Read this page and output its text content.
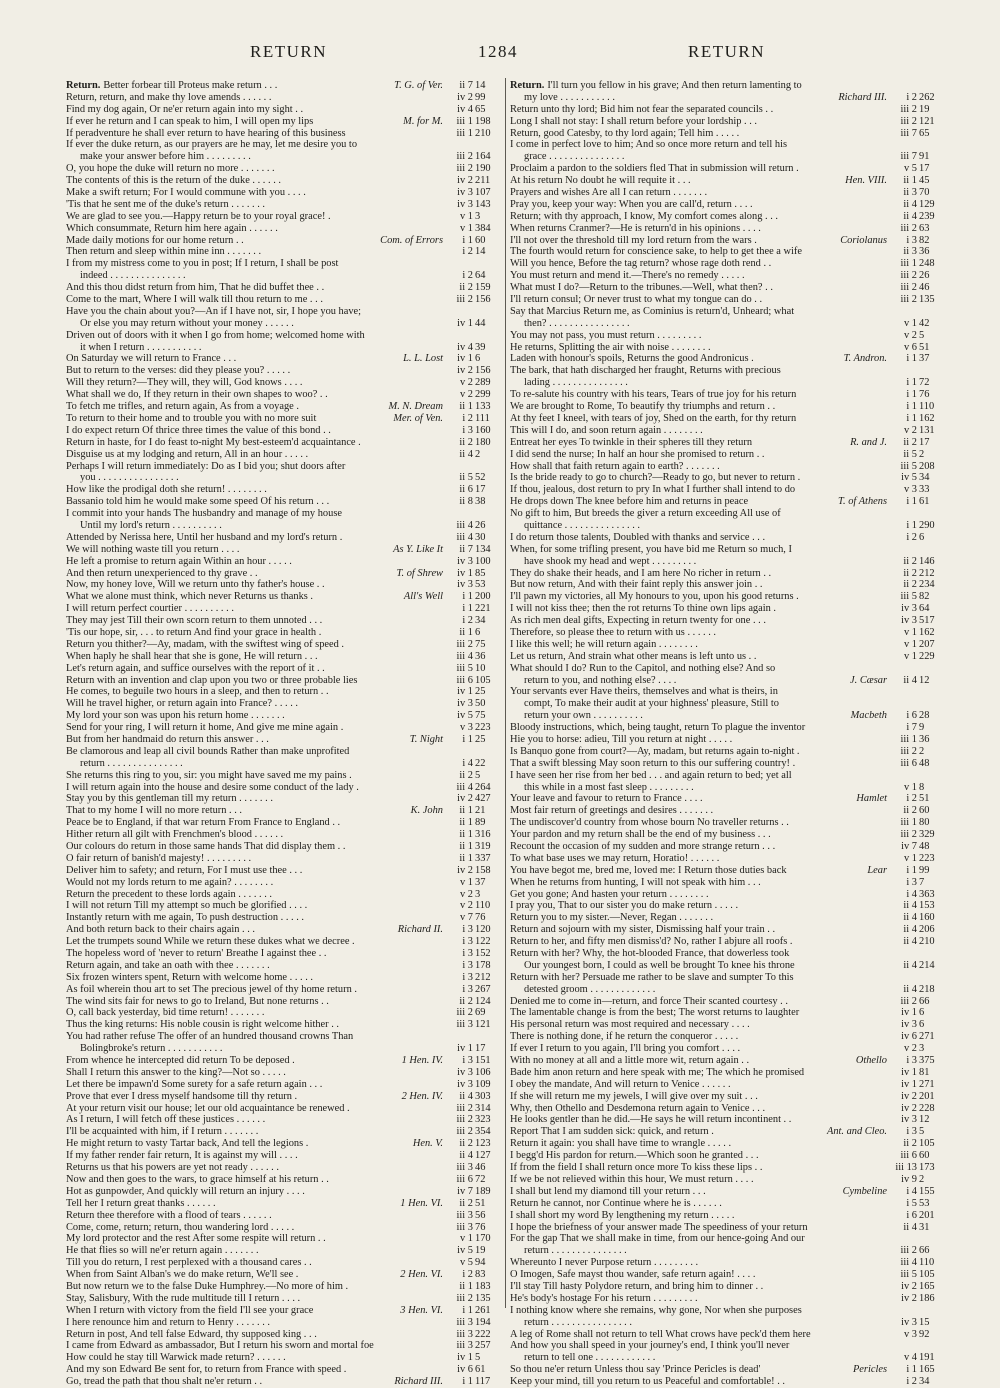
RETURN	1284	RETURN
Return. Better forbear till Proteus make return . . .	T. G. of Ver.	ii 7 14
Return, return, and make thy love amends . . . . . .	iv 2 99
Find my dog again, Or ne'er return again into my sight . .	iv 4 65
If ever he return and I can speak to him, I will open my lips	M. for M.	iii 1 198
If peradventure he shall ever return to have hearing of this business	iii 1 210
If ever the duke return, as our prayers are he may, let me desire you to
make your answer before him . . . . . . . . .	iii 2 164
O, you hope the duke will return no more . . . . . . .	iii 2 190
The contents of this is the return of the duke . . . . . .	iv 2 211
Make a swift return; For I would commune with you . . . .	iv 3 107
'Tis that he sent me of the duke's return . . . . . . .	iv 3 143
We are glad to see you.—Happy return be to your royal grace! .	v 1 3
Which consummate, Return him here again . . . . . .	v 1 384
Made daily motions for our home return . .	Com. of Errors	i 1 60
Then return and sleep within mine inn . . . . . . .	i 2 14
I from my mistress come to you in post; If I return, I shall be post
indeed . . . . . . . . . . . . . . .	i 2 64
And this thou didst return from him, That he did buffet thee . .	ii 2 159
Come to the mart, Where I will walk till thou return to me . . .	iii 2 156
Have you the chain about you?—An if I have not, sir, I hope you have;
Or else you may return without your money . . . . . .	iv 1 44
Driven out of doors with it when I go from home; welcomed home with
it when I return . . . . . . . . . . .	iv 4 39
On Saturday we will return to France . . .	L. L. Lost	iv 1 6
But to return to the verses: did they please you? . . . . .	iv 2 156
Will they return?—They will, they will, God knows . . . .	v 2 289
What shall we do, If they return in their own shapes to woo? . .	v 2 299
To fetch me trifles, and return again, As from a voyage .	M. N. Dream	ii 1 133
To return to their home and to trouble you with no more suit	Mer. of Ven.	i 2 111
I do expect return Of thrice three times the value of this bond . .	i 3 160
Return in haste, for I do feast to-night My best-esteem'd acquaintance .	ii 2 180
Disguise us at my lodging and return, All in an hour . . . . .	ii 4 2
Perhaps I will return immediately: Do as I bid you; shut doors after
you . . . . . . . . . . . . . . . .	ii 5 52
How like the prodigal doth she return! . . . . . . . .	ii 6 17
Bassanio told him he would make some speed Of his return . . .	ii 8 38
I commit into your hands The husbandry and manage of my house
Until my lord's return . . . . . . . . . .	iii 4 26
Attended by Nerissa here, Until her husband and my lord's return .	iii 4 30
We will nothing waste till you return . . . .	As Y. Like It	ii 7 134
He left a promise to return again Within an hour . . . . .	iv 3 100
And then return unexperienced to thy grave . .	T. of Shrew	iv 1 85
Now, my honey love, Will we return unto thy father's house . .	iv 3 53
What we alone must think, which never Returns us thanks .	All's Well	i 1 200
I will return perfect courtier . . . . . . . . . .	i 1 221
They may jest Till their own scorn return to them unnoted . . .	i 2 34
'Tis our hope, sir, . . . to return And find your grace in health .	ii 1 6
Return you thither?—Ay, madam, with the swiftest wing of speed .	iii 2 75
When haply he shall hear that she is gone, He will return . . .	iii 4 36
Let's return again, and suffice ourselves with the report of it . .	iii 5 10
Return with an invention and clap upon you two or three probable lies	iii 6 105
He comes, to beguile two hours in a sleep, and then to return . .	iv 1 25
Will he travel higher, or return again into France? . . . . .	iv 3 50
My lord your son was upon his return home . . . . . . .	iv 5 75
Send for your ring, I will return it home, And give me mine again .	v 3 223
But from her handmaid do return this answer . . .	T. Night	i 1 25
Be clamorous and leap all civil bounds Rather than make unprofited
return . . . . . . . . . . . . . . .	i 4 22
She returns this ring to you, sir: you might have saved me my pains .	ii 2 5
I will return again into the house and desire some conduct of the lady .	iii 4 264
Stay you by this gentleman till my return . . . . . . .	iv 2 427
That to my home I will no more return . . .	K. John	ii 1 21
Peace be to England, if that war return From France to England . .	ii 1 89
Hither return all gilt with Frenchmen's blood . . . . . .	ii 1 316
Our colours do return in those same hands That did display them . .	ii 1 319
O fair return of banish'd majesty! . . . . . . . . .	ii 1 337
Deliver him to safety; and return, For I must use thee . . .	iv 2 158
Would not my lords return to me again? . . . . . . . .	v 1 37
Return the precedent to these lords again . . . . . . .	v 2 3
I will not return Till my attempt so much be glorified . . . .	v 2 110
Instantly return with me again, To push destruction . . . . .	v 7 76
And both return back to their chairs again . . .	Richard II.	i 3 120
Let the trumpets sound While we return these dukes what we decree .	i 3 122
The hopeless word of 'never to return' Breathe I against thee . .	i 3 152
Return again, and take an oath with thee . . . . . . .	i 3 178
Six frozen winters spent, Return with welcome home . . . . .	i 3 212
As foil wherein thou art to set The precious jewel of thy home return .	i 3 267
The wind sits fair for news to go to Ireland, But none returns . .	ii 2 124
O, call back yesterday, bid time return! . . . . . . .	iii 2 69
Thus the king returns: His noble cousin is right welcome hither . .	iii 3 121
You had rather refuse The offer of an hundred thousand crowns Than
Bolingbroke's return . . . . . . . . . . .	iv 1 17
From whence he intercepted did return To be deposed .	1 Hen. IV.	i 3 151
Shall I return this answer to the king?—Not so . . . . .	iv 3 106
Let there be impawn'd Some surety for a safe return again . . .	iv 3 109
Prove that ever I dress myself handsome till thy return .	2 Hen. IV.	ii 4 303
At your return visit our house; let our old acquaintance be renewed .	iii 2 314
As I return, I will fetch off these justices . . . . . .	iii 2 323
I'll be acquainted with him, if I return . . . . . . .	iii 2 354
He might return to vasty Tartar back, And tell the legions .	Hen. V.	ii 2 123
If my father render fair return, It is against my will . . . .	ii 4 127
Returns us that his powers are yet not ready . . . . . .	iii 3 46
Now and then goes to the wars, to grace himself at his return . .	iii 6 72
Hot as gunpowder, And quickly will return an injury . . . .	iv 7 189
Tell her I return great thanks . . . . . .	1 Hen. VI.	ii 2 51
Return thee therefore with a flood of tears . . . . . .	iii 3 56
Come, come, return; return, thou wandering lord . . . . .	iii 3 76
My lord protector and the rest After some respite will return . .	v 1 170
He that flies so will ne'er return again . . . . . . .	iv 5 19
Till you do return, I rest perplexed with a thousand cares . .	v 5 94
When from Saint Alban's we do make return, We'll see .	2 Hen. VI.	i 2 83
But now return we to the false Duke Humphrey.—No more of him .	ii 1 183
Stay, Salisbury, With the rude multitude till I return . . . .	iii 2 135
When I return with victory from the field I'll see your grace	3 Hen. VI.	i 1 261
I here renounce him and return to Henry . . . . . . .	iii 3 194
Return in post, And tell false Edward, thy supposed king . . .	iii 3 222
I came from Edward as ambassador, But I return his sworn and mortal foe	iii 3 257
How could he stay till Warwick made return? . . . . . .	iv 1 5
And my son Edward Be sent for, to return from France with speed .	iv 6 61
Go, tread the path that thou shalt ne'er return . .	Richard III.	i 1 117
Return. I'll turn you fellow in his grave; And then return lamenting to
my love . . . . . . . . . . .	Richard III.	i 2 262
Return unto thy lord; Bid him not fear the separated councils . .	iii 2 19
Long I shall not stay: I shall return before your lordship . . .	iii 2 121
Return, good Catesby, to thy lord again; Tell him . . . . .	iii 7 65
I come in perfect love to him; And so once more return and tell his
grace . . . . . . . . . . . . . . .	iii 7 91
Proclaim a pardon to the soldiers fled That in submission will return .	v 5 17
At his return No doubt he will requite it . . .	Hen. VIII.	ii 1 45
Prayers and wishes Are all I can return . . . . . . .	ii 3 70
Pray you, keep your way: When you are call'd, return . . . .	ii 4 129
Return; with thy approach, I know, My comfort comes along . . .	ii 4 239
When returns Cranmer?—He is return'd in his opinions . . . .	iii 2 63
I'll not over the threshold till my lord return from the wars .	Coriolanus	i 3 82
The fourth would return for conscience sake, to help to get thee a wife	ii 3 36
Will you hence, Before the tag return? whose rage doth rend . .	iii 1 248
You must return and mend it.—There's no remedy . . . . .	iii 2 26
What must I do?—Return to the tribunes.—Well, what then? . .	iii 2 46
I'll return consul; Or never trust to what my tongue can do . .	iii 2 135
Say that Marcius Return me, as Cominius is return'd, Unheard; what
then? . . . . . . . . . . . . . . . .	v 1 42
You may not pass, you must return . . . . . . . . .	v 2 5
He returns, Splitting the air with noise . . . . . . . .	v 6 51
Laden with honour's spoils, Returns the good Andronicus .	T. Andron.	i 1 37
The bark, that hath discharged her fraught, Returns with precious
lading . . . . . . . . . . . . . . .	i 1 72
To re-salute his country with his tears, Tears of true joy for his return	i 1 76
We are brought to Rome, To beautify thy triumphs and return . .	i 1 110
At thy feet I kneel, with tears of joy, Shed on the earth, for thy return	i 1 162
This will I do, and soon return again . . . . . . . .	v 2 131
Entreat her eyes To twinkle in their spheres till they return	R. and J.	ii 2 17
I did send the nurse; In half an hour she promised to return . .	ii 5 2
How shall that faith return again to earth? . . . . . . .	iii 5 208
Is the bride ready to go to church?—Ready to go, but never to return .	iv 5 34
If thou, jealous, dost return to pry In what I further shall intend to do	v 3 33
He drops down The knee before him and returns in peace	T. of Athens	i 1 61
No gift to him, But breeds the giver a return exceeding All use of
quittance . . . . . . . . . . . . . . .	i 1 290
I do return those talents, Doubled with thanks and service . . .	i 2 6
When, for some trifling present, you have bid me Return so much, I
have shook my head and wept . . . . . . . . .	ii 2 146
They do shake their heads, and I am here No richer in return . .	ii 2 212
But now return, And with their faint reply this answer join . .	ii 2 234
I'll pawn my victories, all My honours to you, upon his good returns .	iii 5 82
I will not kiss thee; then the rot returns To thine own lips again .	iv 3 64
As rich men deal gifts, Expecting in return twenty for one . . .	iv 3 517
Therefore, so please thee to return with us . . . . . .	v 1 162
I like this well; he will return again . . . . . . . .	v 1 207
Let us return, And strain what other means is left unto us . .	v 1 229
What should I do? Run to the Capitol, and nothing else? And so
return to you, and nothing else? . . . .	J. Cæsar	ii 4 12
Your servants ever Have theirs, themselves and what is theirs, in
compt, To make their audit at your highness' pleasure, Still to
return your own . . . . . . . . . .	Macbeth	i 6 28
Bloody instructions, which, being taught, return To plague the inventor	i 7 9
Hie you to horse: adieu, Till you return at night . . . . .	iii 1 36
Is Banquo gone from court?—Ay, madam, but returns again to-night .	iii 2 2
That a swift blessing May soon return to this our suffering country! .	iii 6 48
I have seen her rise from her bed . . . and again return to bed; yet all
this while in a most fast sleep . . . . . . . . .	v 1 8
Your leave and favour to return to France . . . .	Hamlet	i 2 51
Most fair return of greetings and desires . . . . . . .	ii 2 60
The undiscover'd country from whose bourn No traveller returns . .	iii 1 80
Your pardon and my return shall be the end of my business . . .	iii 2 329
Recount the occasion of my sudden and more strange return . . .	iv 7 48
To what base uses we may return, Horatio! . . . . . .	v 1 223
You have begot me, bred me, loved me: I Return those duties back	Lear	i 1 99
When he returns from hunting, I will not speak with him . . .	i 3 7
Get you gone; And hasten your return . . . . . . . .	i 4 363
I pray you, That to our sister you do make return . . . . .	ii 4 153
Return you to my sister.—Never, Regan . . . . . . .	ii 4 160
Return and sojourn with my sister, Dismissing half your train . .	ii 4 206
Return to her, and fifty men dismiss'd? No, rather I abjure all roofs .	ii 4 210
Return with her? Why, the hot-blooded France, that dowerless took
Our youngest born, I could as well be brought To knee his throne	ii 4 214
Return with her? Persuade me rather to be slave and sumpter To this
detested groom . . . . . . . . . . . . .	ii 4 218
Denied me to come in—return, and force Their scanted courtesy . .	iii 2 66
The lamentable change is from the best; The worst returns to laughter	iv 1 6
His personal return was most required and necessary . . . .	iv 3 6
There is nothing done, if he return the conqueror . . . . .	iv 6 271
If ever I return to you again, I'll bring you comfort . . . .	v 2 3
With no money at all and a little more wit, return again . .	Othello	i 3 375
Bade him anon return and here speak with me; The which he promised	iv 1 81
I obey the mandate, And will return to Venice . . . . . .	iv 1 271
If she will return me my jewels, I will give over my suit . . .	iv 2 201
Why, then Othello and Desdemona return again to Venice . . .	iv 2 228
He looks gentler than he did.—He says he will return incontinent . .	iv 3 12
Report That I am sudden sick: quick, and return .	Ant. and Cleo.	i 3 5
Return it again: you shall have time to wrangle . . . . .	ii 2 105
I begg'd His pardon for return.—Which soon he granted . . .	iii 6 60
If from the field I shall return once more To kiss these lips . .	iii 13 173
If we be not relieved within this hour, We must return . . . .	iv 9 2
I shall but lend my diamond till your return . . .	Cymbeline	i 4 155
Return he cannot, nor Continue where he is . . . . . .	i 5 53
I shall short my word By lengthening my return . . . . .	i 6 201
I hope the briefness of your answer made The speediness of your return	ii 4 31
For the gap That we shall make in time, from our hence-going And our
return . . . . . . . . . . . . . . .	iii 2 66
Whereunto I never Purpose return . . . . . . . . .	iii 4 110
O Imogen, Safe mayst thou wander, safe return again! . . . .	iii 5 105
I'll stay Till hasty Polydore return, and bring him to dinner . .	iv 2 165
He's body's hostage For his return . . . . . . . . .	iv 2 186
I nothing know where she remains, why gone, Nor when she purposes
return . . . . . . . . . . . . . . . .	iv 3 15
A leg of Rome shall not return to tell What crows have peck'd them here	v 3 92
And how you shall speed in your journey's end, I think you'll never
return to tell one . . . . . . . . . . . .	v 4 191
So thou ne'er return Unless thou say 'Prince Pericles is dead'	Pericles	i 1 165
Keep your mind, till you return to us Peaceful and comfortable! . .	i 2 34
